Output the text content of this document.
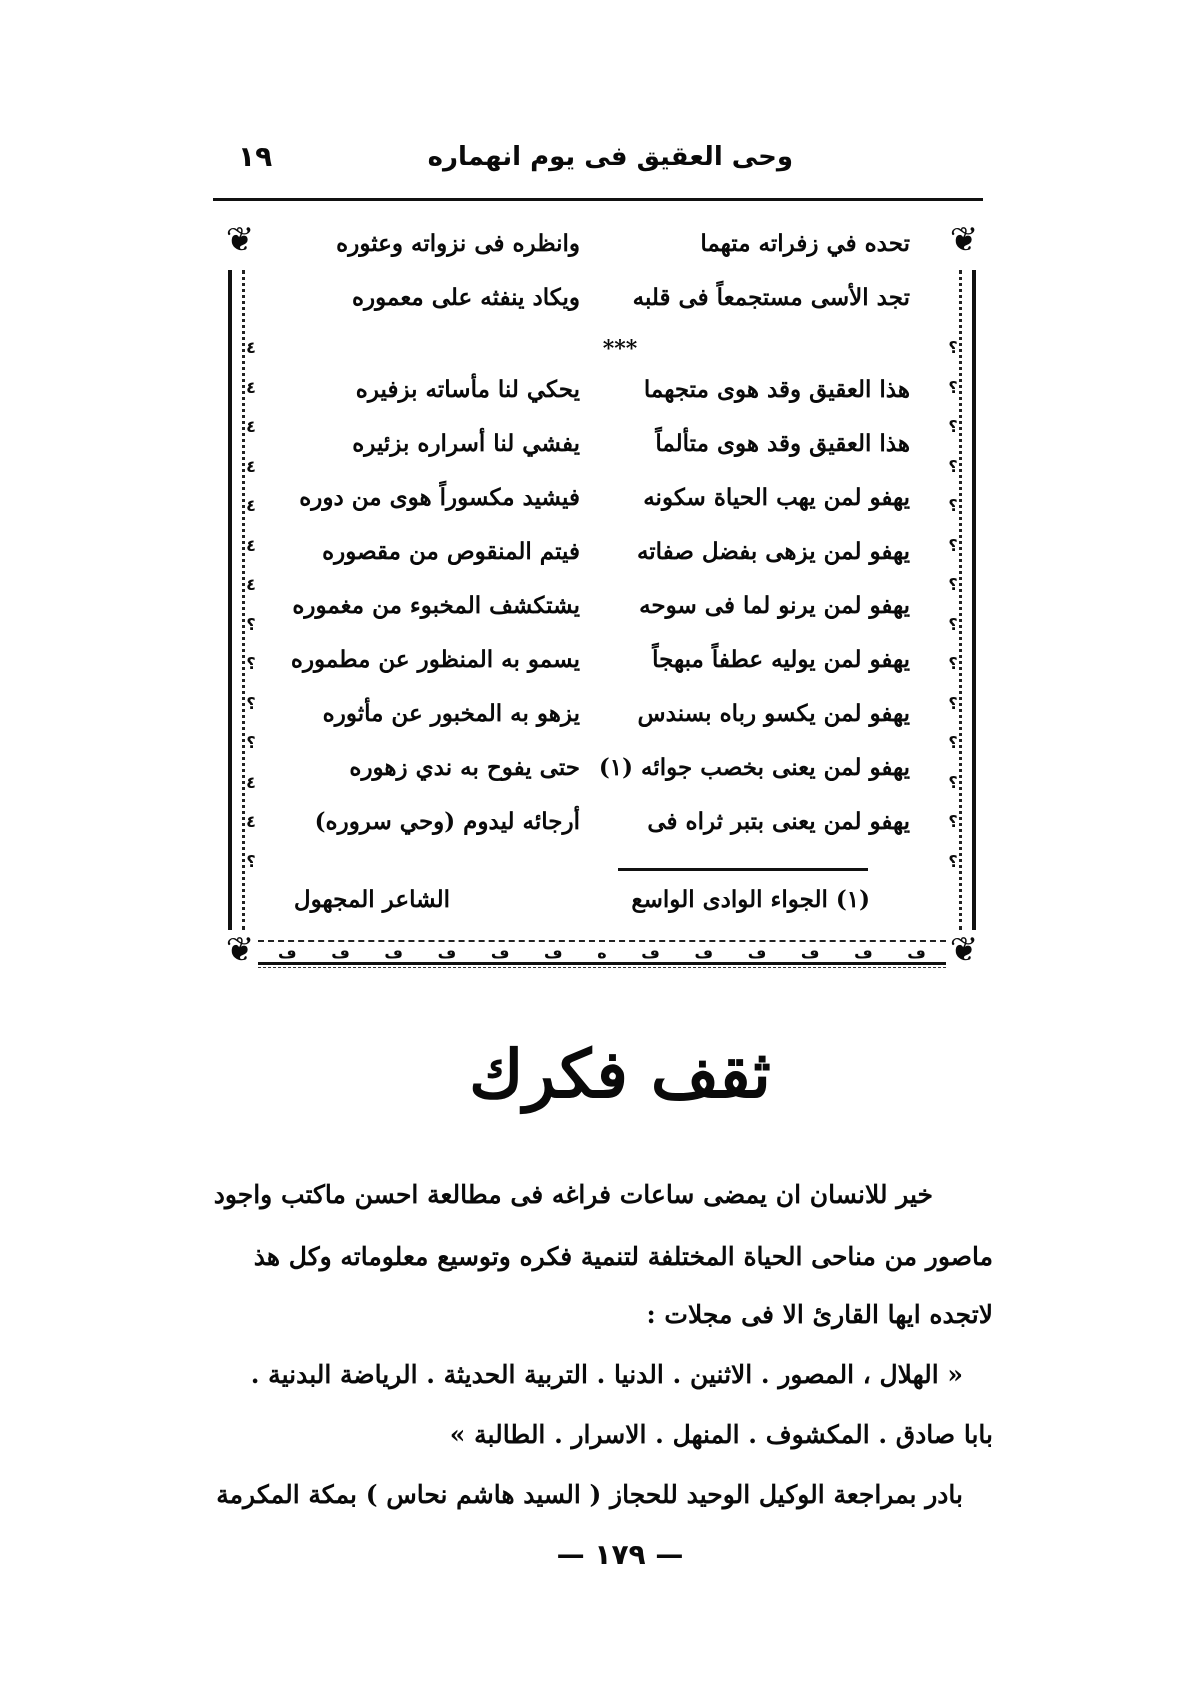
وحى العقيق فى يوم انهماره
١٩
❦	❦
❦	❦
٤
٤
٤
٤
٤
٤
٤
؟
؟
؟
؟
٤
٤
؟
؟
؟
؟
؟
؟
؟
؟
؟
؟
؟
؟
؟
؟
؟
ڡ ڡ ڡ ڡ ڡ ڡ ه ڡ ڡ ڡ ڡ ڡ ڡ
تحده في زفراته متهما
وانظره فى نزواته وعثوره
تجد الأسى مستجمعاً فى قلبه
ويكاد ينفثه على معموره
***
هذا العقيق وقد هوى متجهما
يحكي لنا مأساته بزفيره
هذا العقيق وقد هوى متألماً
يفشي لنا أسراره بزئيره
يهفو لمن يهب الحياة سكونه
فيشيد مكسوراً هوى من دوره
يهفو لمن يزهى بفضل صفاته
فيتم المنقوص من مقصوره
يهفو لمن يرنو لما فى سوحه
يشتكشف المخبوء من مغموره
يهفو لمن يوليه عطفاً مبهجاً
يسمو به المنظور عن مطموره
يهفو لمن يكسو رباه بسندس
يزهو به المخبور عن مأثوره
يهفو لمن يعنى بخصب جوائه (١)
حتى يفوح به ندي زهوره
يهفو لمن يعنى بتبر ثراه فى
أرجائه ليدوم (وحي سروره)
(١) الجواء الوادى الواسع
الشاعر المجهول
ثقف فكرك
خير للانسان ان يمضى ساعات فراغه فى مطالعة احسن ماكتب واجود
ماصور من مناحى الحياة المختلفة لتنمية فكره وتوسيع معلوماته وكل هذ
لاتجده ايها القارئ الا فى مجلات :
« الهلال ، المصور . الاثنين . الدنيا . التربية الحديثة . الرياضة البدنية .
بابا صادق . المكشوف . المنهل . الاسرار . الطالبة »
بادر بمراجعة الوكيل الوحيد للحجاز ( السيد هاشم نحاس ) بمكة المكرمة
— ١٧٩ —
